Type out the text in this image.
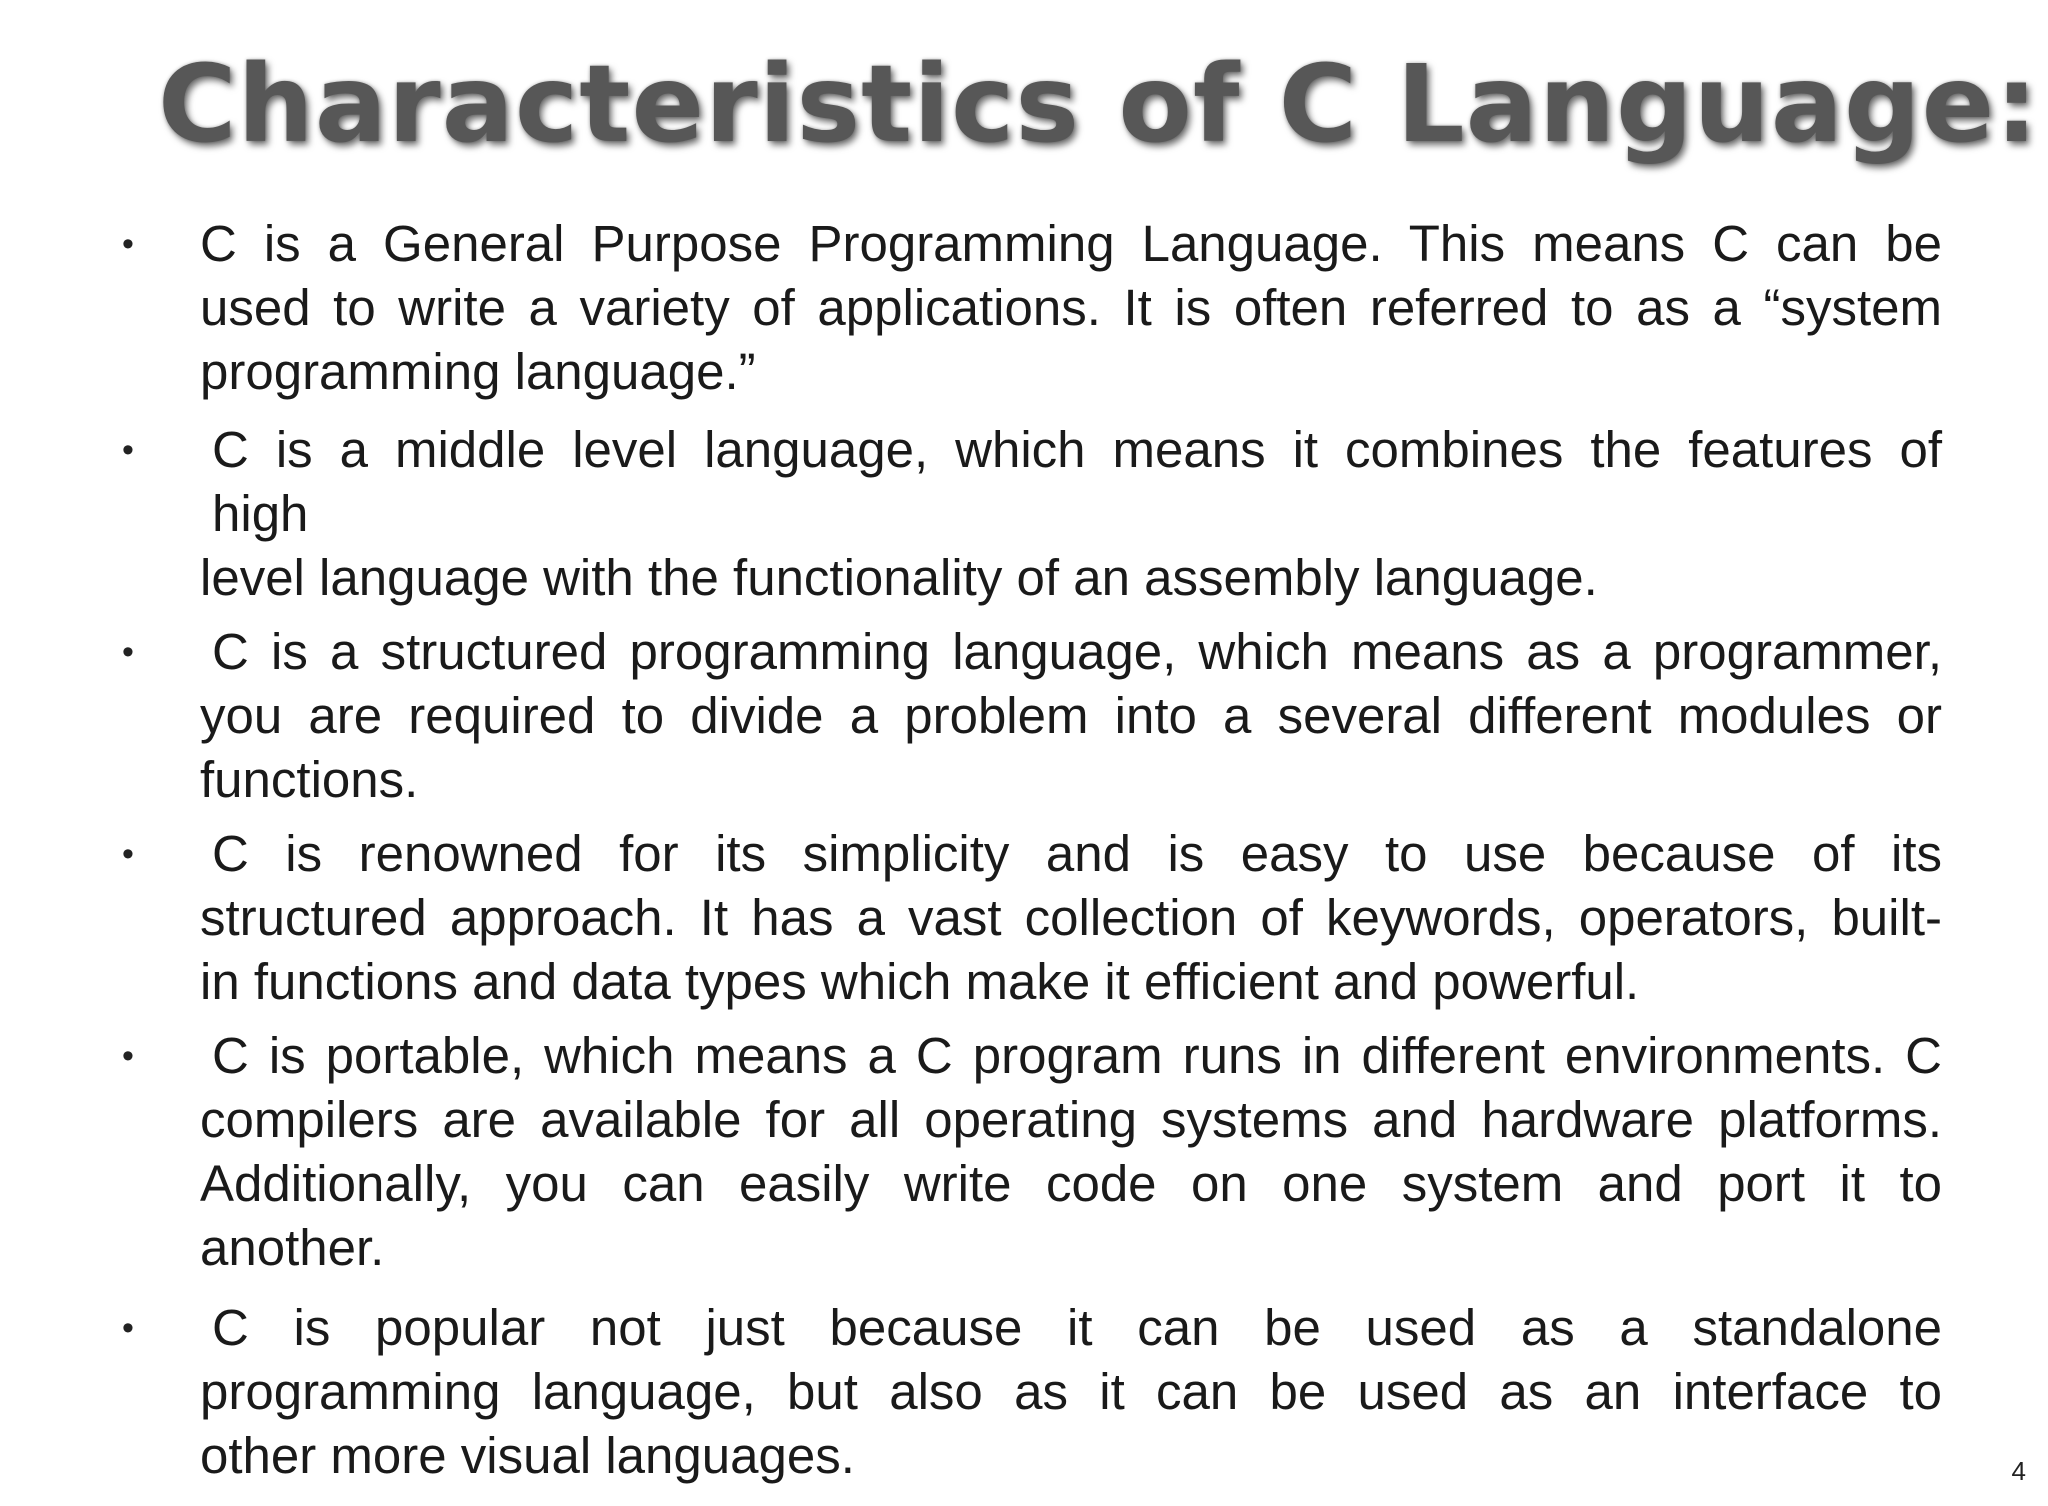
Characteristics of C Language:
• C is a General Purpose Programming Language. This means C can be
used to write a variety of applications. It is often referred to as a “system
programming language.”

• C is a middle level language, which means it combines the features of
high
level language with the functionality of an assembly language.

• C is a structured programming language, which means as a programmer,
you are required to divide a problem into a several different modules or
functions.

• C is renowned for its simplicity and is easy to use because of its
structured approach. It has a vast collection of keywords, operators, built-
in functions and data types which make it efficient and powerful.

• C is portable, which means a C program runs in different environments. C
compilers are available for all operating systems and hardware platforms.
Additionally, you can easily write code on one system and port it to
another.

• C is popular not just because it can be used as a standalone
programming language, but also as it can be used as an interface to
other more visual languages.	4
